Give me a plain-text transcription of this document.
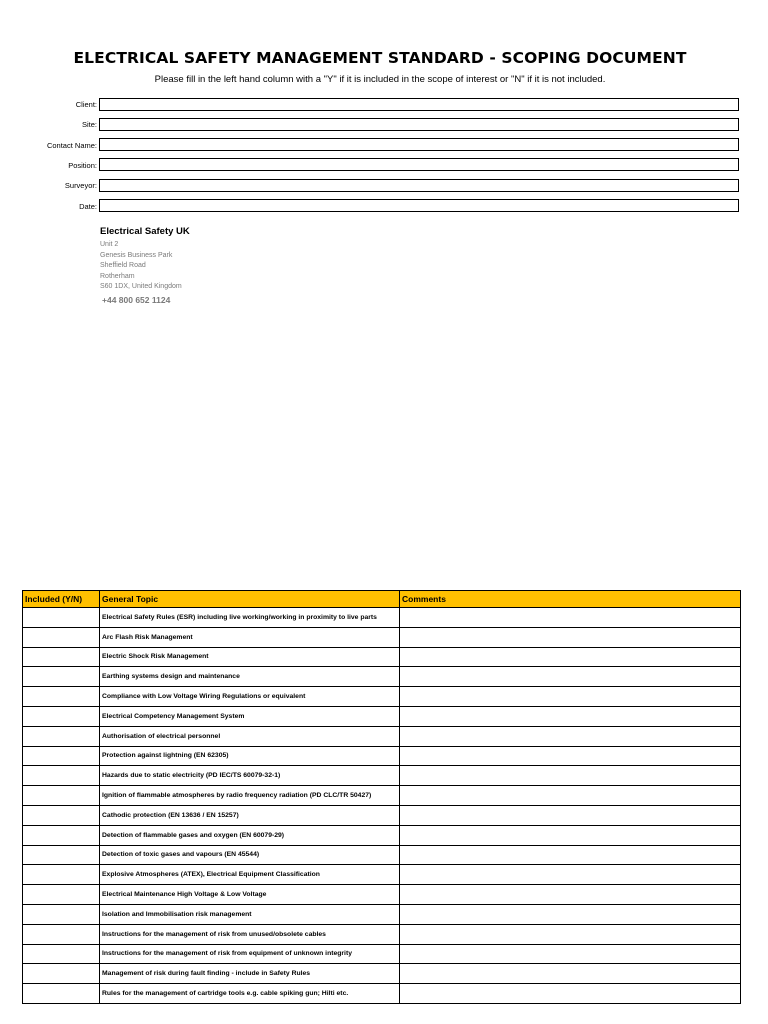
ELECTRICAL SAFETY MANAGEMENT STANDARD - SCOPING DOCUMENT
Please fill in the left hand column with a "Y" if it is included in the scope of interest or "N" if it is not included.
Client:
Site:
Contact Name:
Position:
Surveyor:
Date:
Electrical Safety UK
Unit 2
Genesis Business Park
Sheffield Road
Rotherham
S60 1DX, United Kingdom
+44 800 652 1124
Included (Y/N)	General Topic	Comments
	Electrical Safety Rules (ESR) including live working/working in proximity to live parts	
	Arc Flash Risk Management	
	Electric Shock Risk Management	
	Earthing systems design and maintenance	
	Compliance with Low Voltage Wiring Regulations or equivalent	
	Electrical Competency Management System	
	Authorisation of electrical personnel	
	Protection against lightning (EN 62305)	
	Hazards due to static electricity (PD IEC/TS 60079-32-1)	
	Ignition of flammable atmospheres by radio frequency radiation (PD CLC/TR 50427)	
	Cathodic protection (EN 13636 / EN 15257)	
	Detection of flammable gases and oxygen (EN 60079-29)	
	Detection of toxic gases and vapours (EN 45544)	
	Explosive Atmospheres (ATEX), Electrical Equipment Classification	
	Electrical Maintenance High Voltage & Low Voltage	
	Isolation and Immobilisation risk management	
	Instructions for the management of risk from unused/obsolete cables	
	Instructions for the management of risk from equipment of unknown integrity	
	Management of risk during fault finding - include in Safety Rules	
	Rules for the management of cartridge tools e.g. cable spiking gun; Hilti etc.	
